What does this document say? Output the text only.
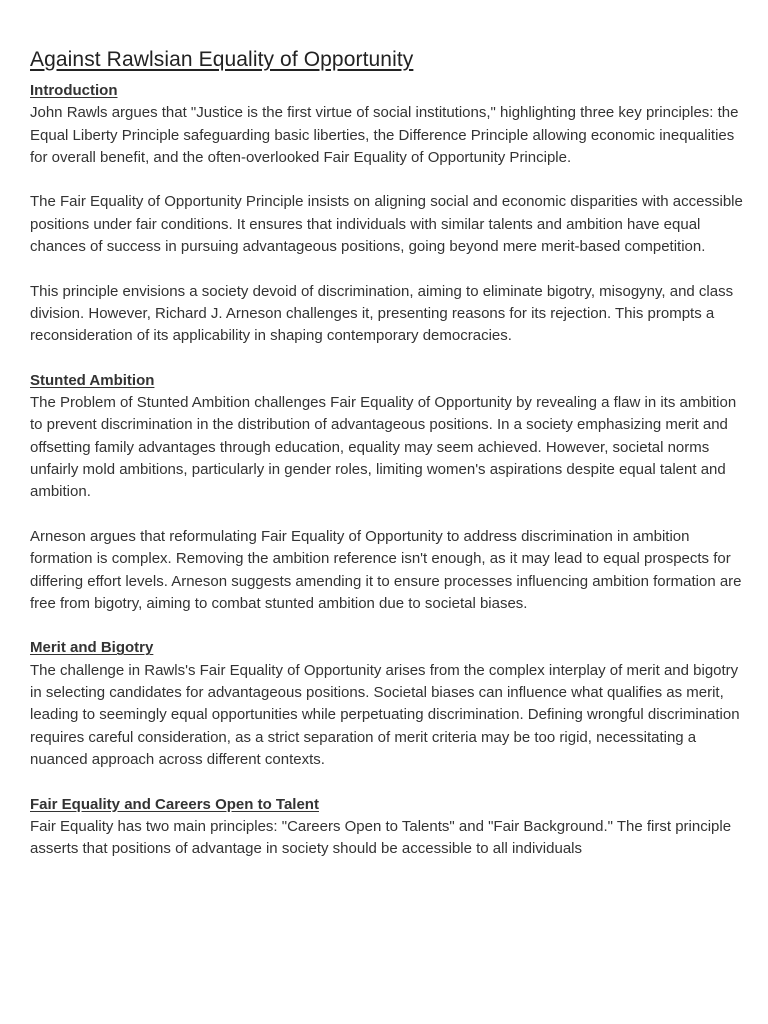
Against Rawlsian Equality of Opportunity
Introduction

John Rawls argues that "Justice is the first virtue of social institutions," highlighting three key principles: the Equal Liberty Principle safeguarding basic liberties, the Difference Principle allowing economic inequalities for overall benefit, and the often-overlooked Fair Equality of Opportunity Principle.

The Fair Equality of Opportunity Principle insists on aligning social and economic disparities with accessible positions under fair conditions. It ensures that individuals with similar talents and ambition have equal chances of success in pursuing advantageous positions, going beyond mere merit-based competition.

This principle envisions a society devoid of discrimination, aiming to eliminate bigotry, misogyny, and class division. However, Richard J. Arneson challenges it, presenting reasons for its rejection. This prompts a reconsideration of its applicability in shaping contemporary democracies.

Stunted Ambition

The Problem of Stunted Ambition challenges Fair Equality of Opportunity by revealing a flaw in its ambition to prevent discrimination in the distribution of advantageous positions. In a society emphasizing merit and offsetting family advantages through education, equality may seem achieved. However, societal norms unfairly mold ambitions, particularly in gender roles, limiting women's aspirations despite equal talent and ambition.

Arneson argues that reformulating Fair Equality of Opportunity to address discrimination in ambition formation is complex. Removing the ambition reference isn't enough, as it may lead to equal prospects for differing effort levels. Arneson suggests amending it to ensure processes influencing ambition formation are free from bigotry, aiming to combat stunted ambition due to societal biases.

Merit and Bigotry

The challenge in Rawls's Fair Equality of Opportunity arises from the complex interplay of merit and bigotry in selecting candidates for advantageous positions. Societal biases can influence what qualifies as merit, leading to seemingly equal opportunities while perpetuating discrimination. Defining wrongful discrimination requires careful consideration, as a strict separation of merit criteria may be too rigid, necessitating a nuanced approach across different contexts.

Fair Equality and Careers Open to Talent

Fair Equality has two main principles: "Careers Open to Talents" and "Fair Background." The first principle asserts that positions of advantage in society should be accessible to all individuals
